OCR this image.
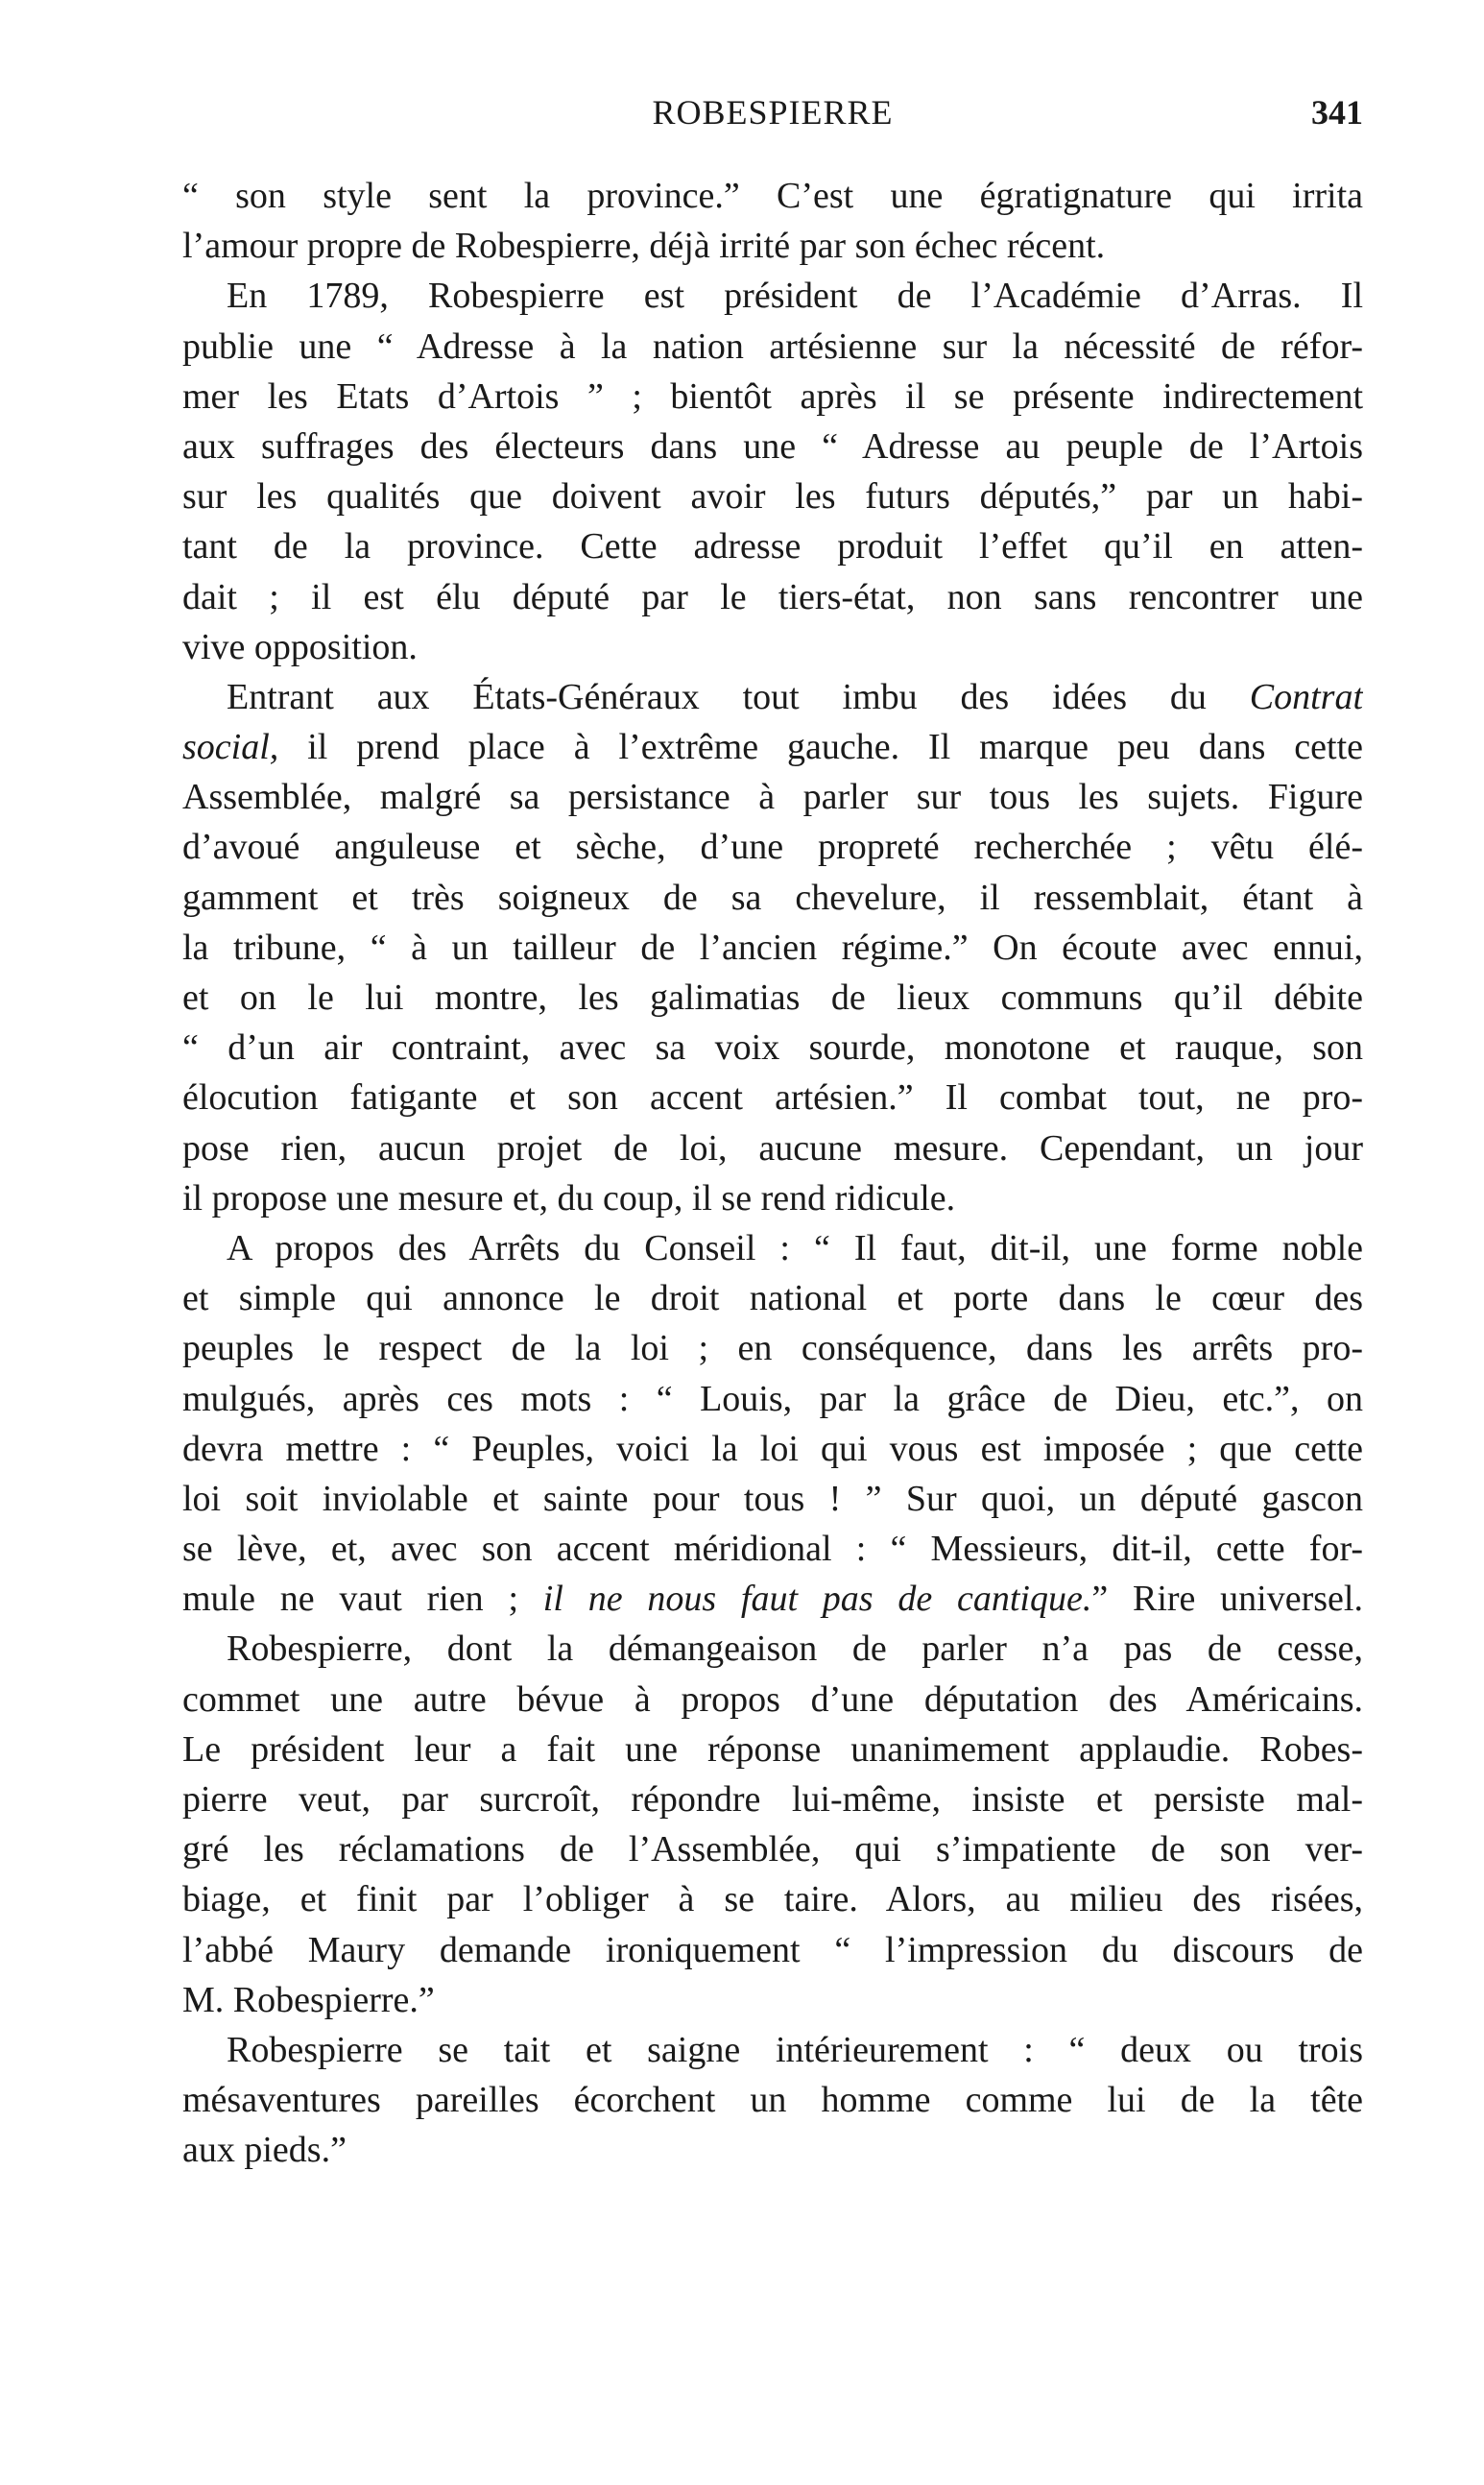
ROBESPIERRE	341
“ son style sent la province.” C’est une égratignature qui irrita
l’amour propre de Robespierre, déjà irrité par son échec récent.
En 1789, Robespierre est président de l’Académie d’Arras. Il
publie une “ Adresse à la nation artésienne sur la nécessité de réfor-
mer les Etats d’Artois ” ; bientôt après il se présente indirectement
aux suffrages des électeurs dans une “ Adresse au peuple de l’Artois
sur les qualités que doivent avoir les futurs députés,” par un habi-
tant de la province. Cette adresse produit l’effet qu’il en atten-
dait ; il est élu député par le tiers-état, non sans rencontrer une
vive opposition.
Entrant aux États-Généraux tout imbu des idées du Contrat
social, il prend place à l’extrême gauche. Il marque peu dans cette
Assemblée, malgré sa persistance à parler sur tous les sujets. Figure
d’avoué anguleuse et sèche, d’une propreté recherchée ; vêtu élé-
gamment et très soigneux de sa chevelure, il ressemblait, étant à
la tribune, “ à un tailleur de l’ancien régime.” On écoute avec ennui,
et on le lui montre, les galimatias de lieux communs qu’il débite
“ d’un air contraint, avec sa voix sourde, monotone et rauque, son
élocution fatigante et son accent artésien.” Il combat tout, ne pro-
pose rien, aucun projet de loi, aucune mesure. Cependant, un jour
il propose une mesure et, du coup, il se rend ridicule.
A propos des Arrêts du Conseil : “ Il faut, dit-il, une forme noble
et simple qui annonce le droit national et porte dans le cœur des
peuples le respect de la loi ; en conséquence, dans les arrêts pro-
mulgués, après ces mots : “ Louis, par la grâce de Dieu, etc.”, on
devra mettre : “ Peuples, voici la loi qui vous est imposée ; que cette
loi soit inviolable et sainte pour tous ! ” Sur quoi, un député gascon
se lève, et, avec son accent méridional : “ Messieurs, dit-il, cette for-
mule ne vaut rien ; il ne nous faut pas de cantique.” Rire universel.
Robespierre, dont la démangeaison de parler n’a pas de cesse,
commet une autre bévue à propos d’une députation des Américains.
Le président leur a fait une réponse unanimement applaudie. Robes-
pierre veut, par surcroît, répondre lui-même, insiste et persiste mal-
gré les réclamations de l’Assemblée, qui s’impatiente de son ver-
biage, et finit par l’obliger à se taire. Alors, au milieu des risées,
l’abbé Maury demande ironiquement “ l’impression du discours de
M. Robespierre.”
Robespierre se tait et saigne intérieurement : “ deux ou trois
mésaventures pareilles écorchent un homme comme lui de la tête
aux pieds.”
